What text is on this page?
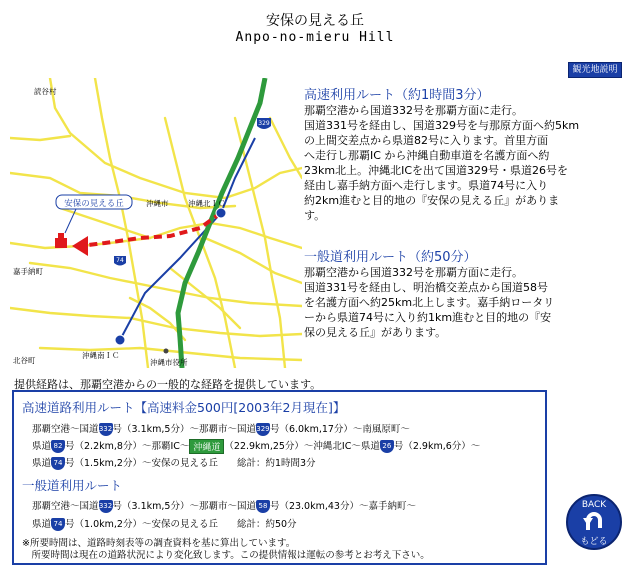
安保の見える丘
Anpo-no-mieru Hill
観光地説明
329
74
安保の見える丘
読谷村
沖縄市	沖縄北ＩＣ
嘉手納町
北谷町
沖縄南ＩＣ
沖縄市役所
高速利用ルート（約1時間3分）
那覇空港から国道332号を那覇方面に走行。
国道331号を経由し、国道329号を与那原方面へ約5km
の上間交差点から県道82号に入ります。首里方面
へ走行し那覇IC から沖縄自動車道を名護方面へ約
23km北上。沖縄北ICを出て国道329号・県道26号を
経由し嘉手納方面へ走行します。県道74号に入り
約2km進むと目的地の『安保の見える丘』がありま
す。
一般道利用ルート（約50分）
那覇空港から国道332号を那覇方面に走行。
国道331号を経由し、明治橋交差点から国道58号
を名護方面へ約25km北上します。嘉手納ロータリ
ーから県道74号に入り約1km進むと目的地の『安
保の見える丘』があります。
提供経路は、那覇空港からの一般的な経路を提供しています。
高速道路利用ルート【高速料金500円[2003年2月現在]】
那覇空港～国道332号（3.1km,5分）～那覇市～国道329号（6.0km,17分）～南風原町～
県道 82 号（2.2km,8分）～那覇IC～ 沖縄道 （22.9km,25分）～沖縄北IC～県道 26 号（2.9km,6分）～
県道 74 号（1.5km,2分）～安保の見える丘　　総計：約1時間3分
一般道利用ルート
那覇空港～国道332号（3.1km,5分）～那覇市～国道 58 号（23.0km,43分）～嘉手納町～
県道 74 号（1.0km,2分）～安保の見える丘　　総計：約50分
※所要時間は、道路時刻表等の調査資料を基に算出しています。
　所要時間は現在の道路状況により変化致します。この提供情報は運転の参考とお考え下さい。
BACK
もどる
